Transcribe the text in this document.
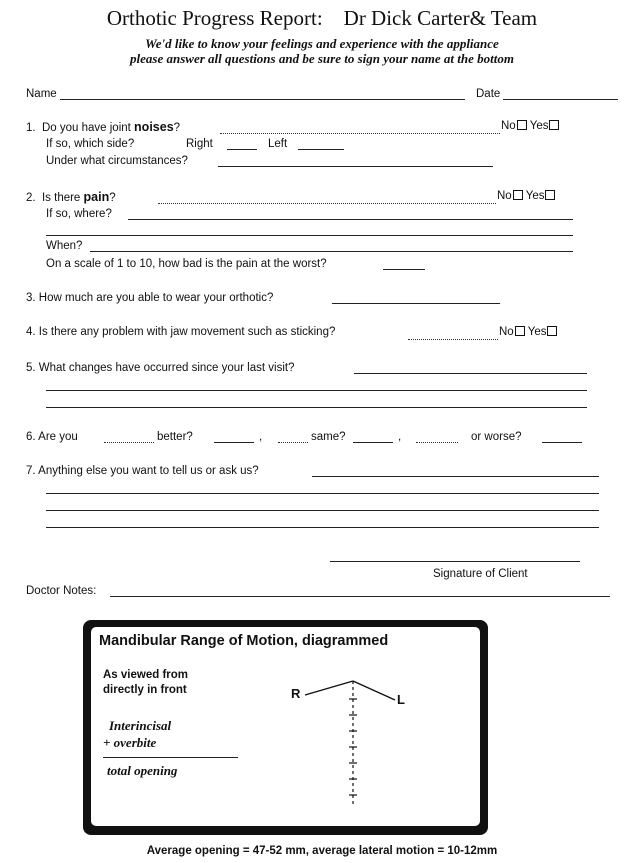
Orthotic Progress Report:    Dr Dick Carter& Team
We'd like to know your feelings and experience with the appliance
please answer all questions and be sure to sign your name at the bottom
Name	Date
1.  Do you have joint noises?	No Yes
If so, which side?	Right	Left
Under what circumstances?
2.  Is there pain?	No Yes
If so, where?
When?
On a scale of 1 to 10, how bad is the pain at the worst?
3. How much are you able to wear your orthotic?
4. Is there any problem with jaw movement such as sticking?	No Yes
5. What changes have occurred since your last visit?
6. Are you	better?	,	same?	,	or worse?
7. Anything else you want to tell us or ask us?
Signature of Client
Doctor Notes:
Mandibular Range of Motion, diagrammed
As viewed from
directly in front
Interincisal
+ overbite
total opening
R	L
Average opening = 47-52 mm, average lateral motion = 10-12mm
